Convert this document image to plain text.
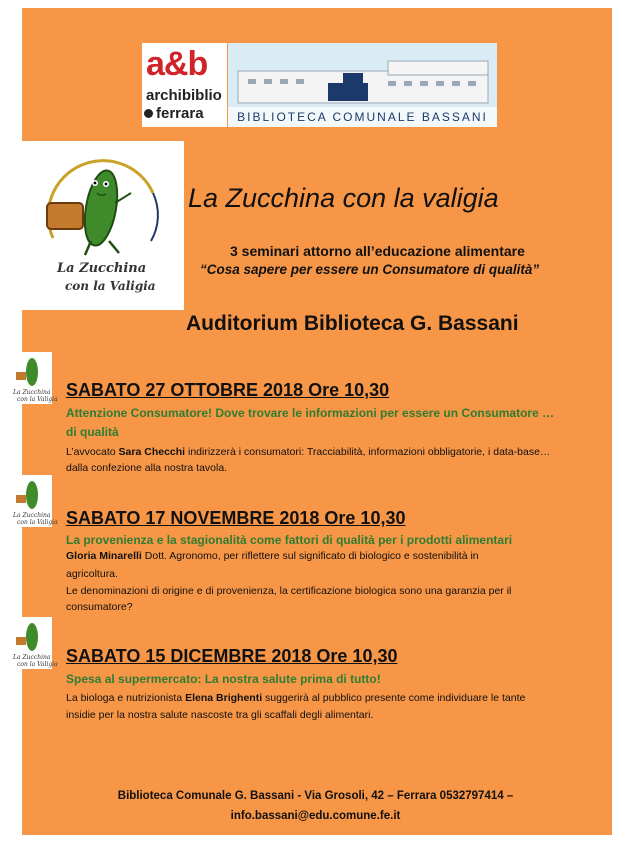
a&b
archibiblio
ferrara	BIBLIOTECA COMUNALE BASSANI
La Zucchina
con la Valigia
La Zucchina con la valigia
3 seminari attorno all’educazione alimentare
“Cosa sapere per essere un Consumatore di qualità”
Auditorium Biblioteca G. Bassani
La Zucchina
con la Valigia SABATO 27 OTTOBRE 2018 Ore 10,30
Attenzione Consumatore! Dove trovare le informazioni per essere un Consumatore …
di qualità
L’avvocato Sara Checchi indirizzerà i consumatori: Tracciabilità, informazioni obbligatorie, i data-base…
dalla confezione alla nostra tavola.
La Zucchina
con la Valigia SABATO 17 NOVEMBRE 2018 Ore 10,30
La provenienza e la stagionalità come fattori di qualità per i prodotti alimentari
Gloria Minarelli Dott. Agronomo, per riflettere sul significato di biologico e sostenibilità in
agricoltura.
Le denominazioni di origine e di provenienza, la certificazione biologica sono una garanzia per il
consumatore?
La Zucchina
con la Valigia SABATO 15 DICEMBRE 2018 Ore 10,30
Spesa al supermercato: La nostra salute prima di tutto!
La biologa e nutrizionista Elena Brighenti suggerirà al pubblico presente come individuare le tante
insidie per la nostra salute nascoste tra gli scaffali degli alimentari.
Biblioteca Comunale G. Bassani - Via Grosoli, 42 – Ferrara 0532797414 –
info.bassani@edu.comune.fe.it
